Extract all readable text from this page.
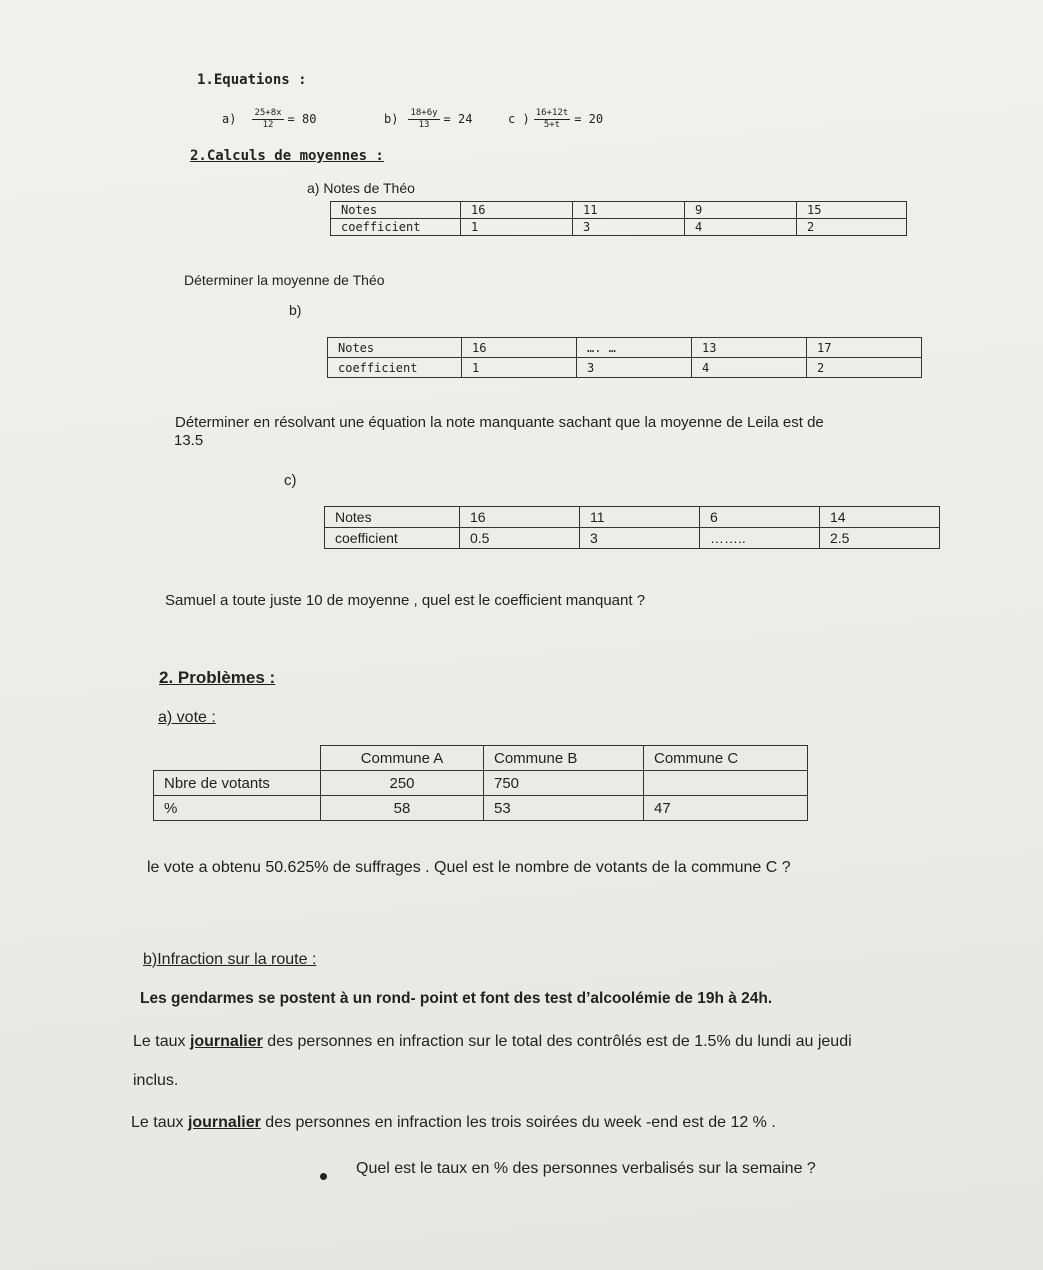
1.Equations :
$a) \frac{25+8x}{12} = 80$	$b) \frac{18+6y}{13} = 24$	c ) $\frac{16+12t}{5+t} = 20$
2.Calculs de moyennes :
a) Notes de Théo
Notes	16	11	9	15
coefficient	1	3	4	2
Déterminer la moyenne de Théo
b)
Notes	16	…. …	13	17
coefficient	1	3	4	2
Déterminer en résolvant une équation la note manquante sachant que la moyenne de Leila est de
13.5
c)
Notes	16	11	6	14
coefficient	0.5	3	……..	2.5
Samuel a toute juste 10 de moyenne , quel est le coefficient manquant ?
2. Problèmes :
a) vote :
	Commune A	Commune B	Commune C
Nbre de votants	250	750	
%	58	53	47
le vote a obtenu 50.625% de suffrages . Quel est le nombre de votants de la commune C ?
b)Infraction sur la route :
Les gendarmes se postent à un rond- point et font des test d’alcoolémie de 19h à 24h.
Le taux journalier des personnes en infraction sur le total des contrôlés est de 1.5% du lundi au jeudi
inclus.
Le taux journalier des personnes en infraction les trois soirées du week -end est de 12 % .
Quel est le taux en % des personnes verbalisés sur la semaine ?
